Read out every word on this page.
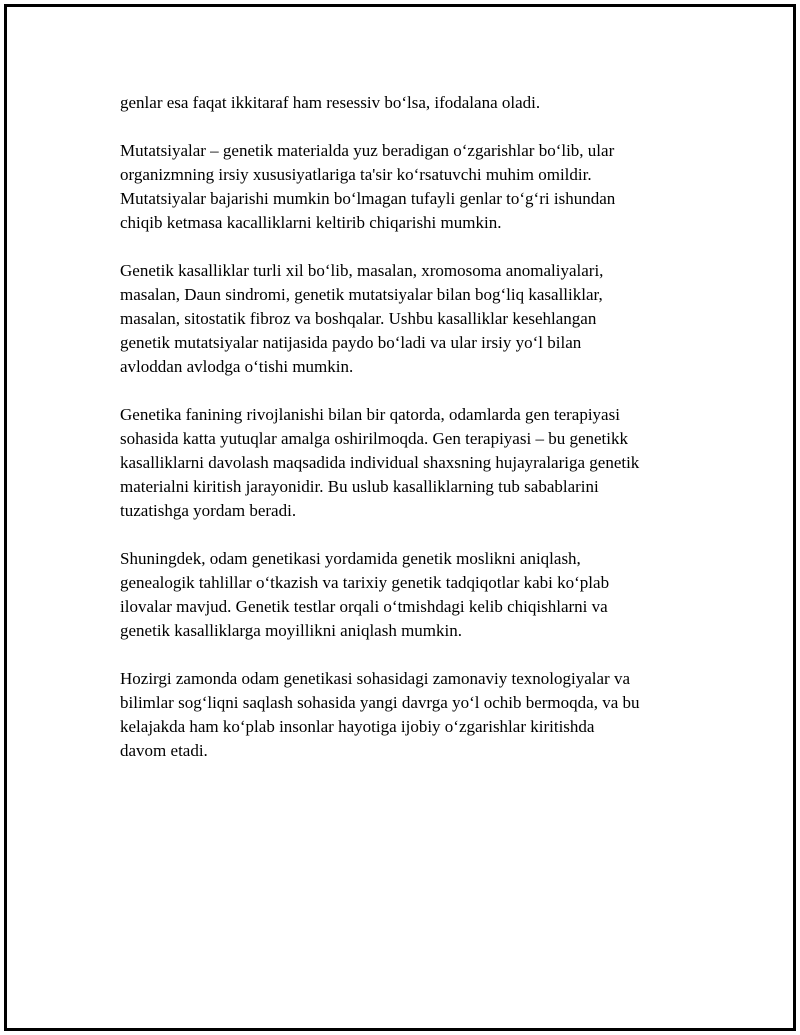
genlar esa faqat ikkitaraf ham resessiv boʻlsa, ifodalana oladi.

Mutatsiyalar – genetik materialda yuz beradigan oʻzgarishlar boʻlib, ular
organizmning irsiy xususiyatlariga ta'sir koʻrsatuvchi muhim omildir.
Mutatsiyalar bajarishi mumkin boʻlmagan tufayli genlar toʻgʻri ishundan
chiqib ketmasa kacalliklarni keltirib chiqarishi mumkin.

Genetik kasalliklar turli xil boʻlib, masalan, xromosoma anomaliyalari,
masalan, Daun sindromi, genetik mutatsiyalar bilan bogʻliq kasalliklar,
masalan, sitostatik fibroz va boshqalar. Ushbu kasalliklar kesehlangan
genetik mutatsiyalar natijasida paydo boʻladi va ular irsiy yoʻl bilan
avloddan avlodga oʻtishi mumkin.

Genetika fanining rivojlanishi bilan bir qatorda, odamlarda gen terapiyasi
sohasida katta yutuqlar amalga oshirilmoqda. Gen terapiyasi – bu genetikk
kasalliklarni davolash maqsadida individual shaxsning hujayralariga genetik
materialni kiritish jarayonidir. Bu uslub kasalliklarning tub sabablarini
tuzatishga yordam beradi.

Shuningdek, odam genetikasi yordamida genetik moslikni aniqlash,
genealogik tahlillar oʻtkazish va tarixiy genetik tadqiqotlar kabi koʻplab
ilovalar mavjud. Genetik testlar orqali oʻtmishdagi kelib chiqishlarni va
genetik kasalliklarga moyillikni aniqlash mumkin.

Hozirgi zamonda odam genetikasi sohasidagi zamonaviy texnologiyalar va
bilimlar sogʻliqni saqlash sohasida yangi davrga yoʻl ochib bermoqda, va bu
kelajakda ham koʻplab insonlar hayotiga ijobiy oʻzgarishlar kiritishda
davom etadi.
